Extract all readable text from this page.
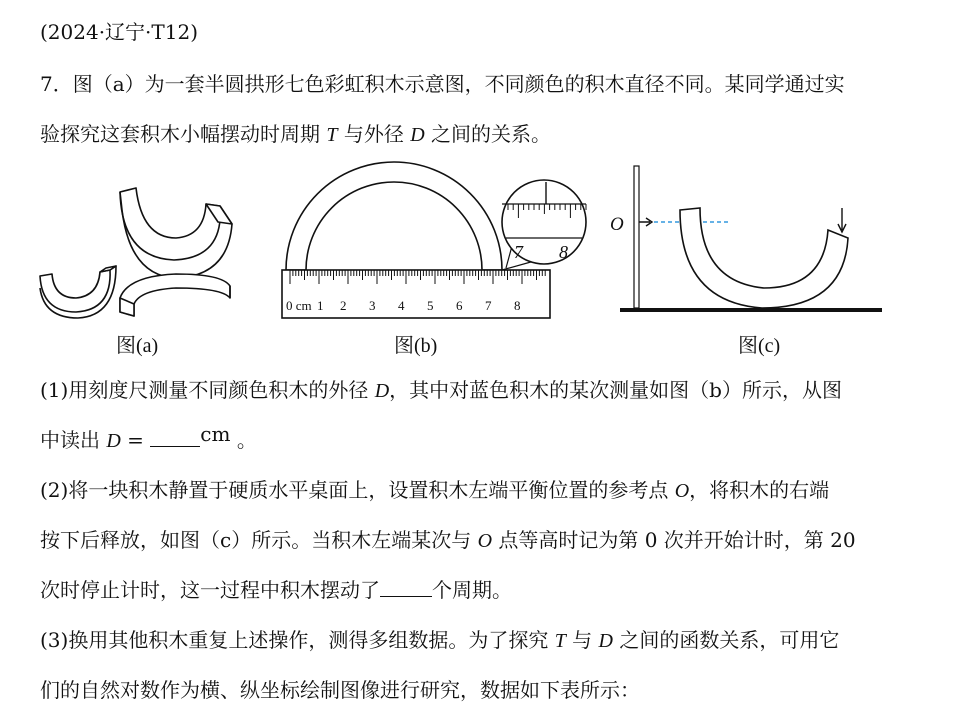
(2024·辽宁·T12)
7．图（a）为一套半圆拱形七色彩虹积木示意图，不同颜色的积木直径不同。某同学通过实
验探究这套积木小幅摆动时周期 T 与外径 D 之间的关系。
图(a)
0 cm 1 2 3 4 5 6 7 8
7 8
图(b)
O
图(c)
(1)用刻度尺测量不同颜色积木的外径 D，其中对蓝色积木的某次测量如图（b）所示，从图
中读出 D =	cm 。
(2)将一块积木静置于硬质水平桌面上，设置积木左端平衡位置的参考点 O，将积木的右端
按下后释放，如图（c）所示。当积木左端某次与 O 点等高时记为第 0 次并开始计时，第 20
次时停止计时，这一过程中积木摆动了	个周期。
(3)换用其他积木重复上述操作，测得多组数据。为了探究 T 与 D 之间的函数关系，可用它
们的自然对数作为横、纵坐标绘制图像进行研究，数据如下表所示：
